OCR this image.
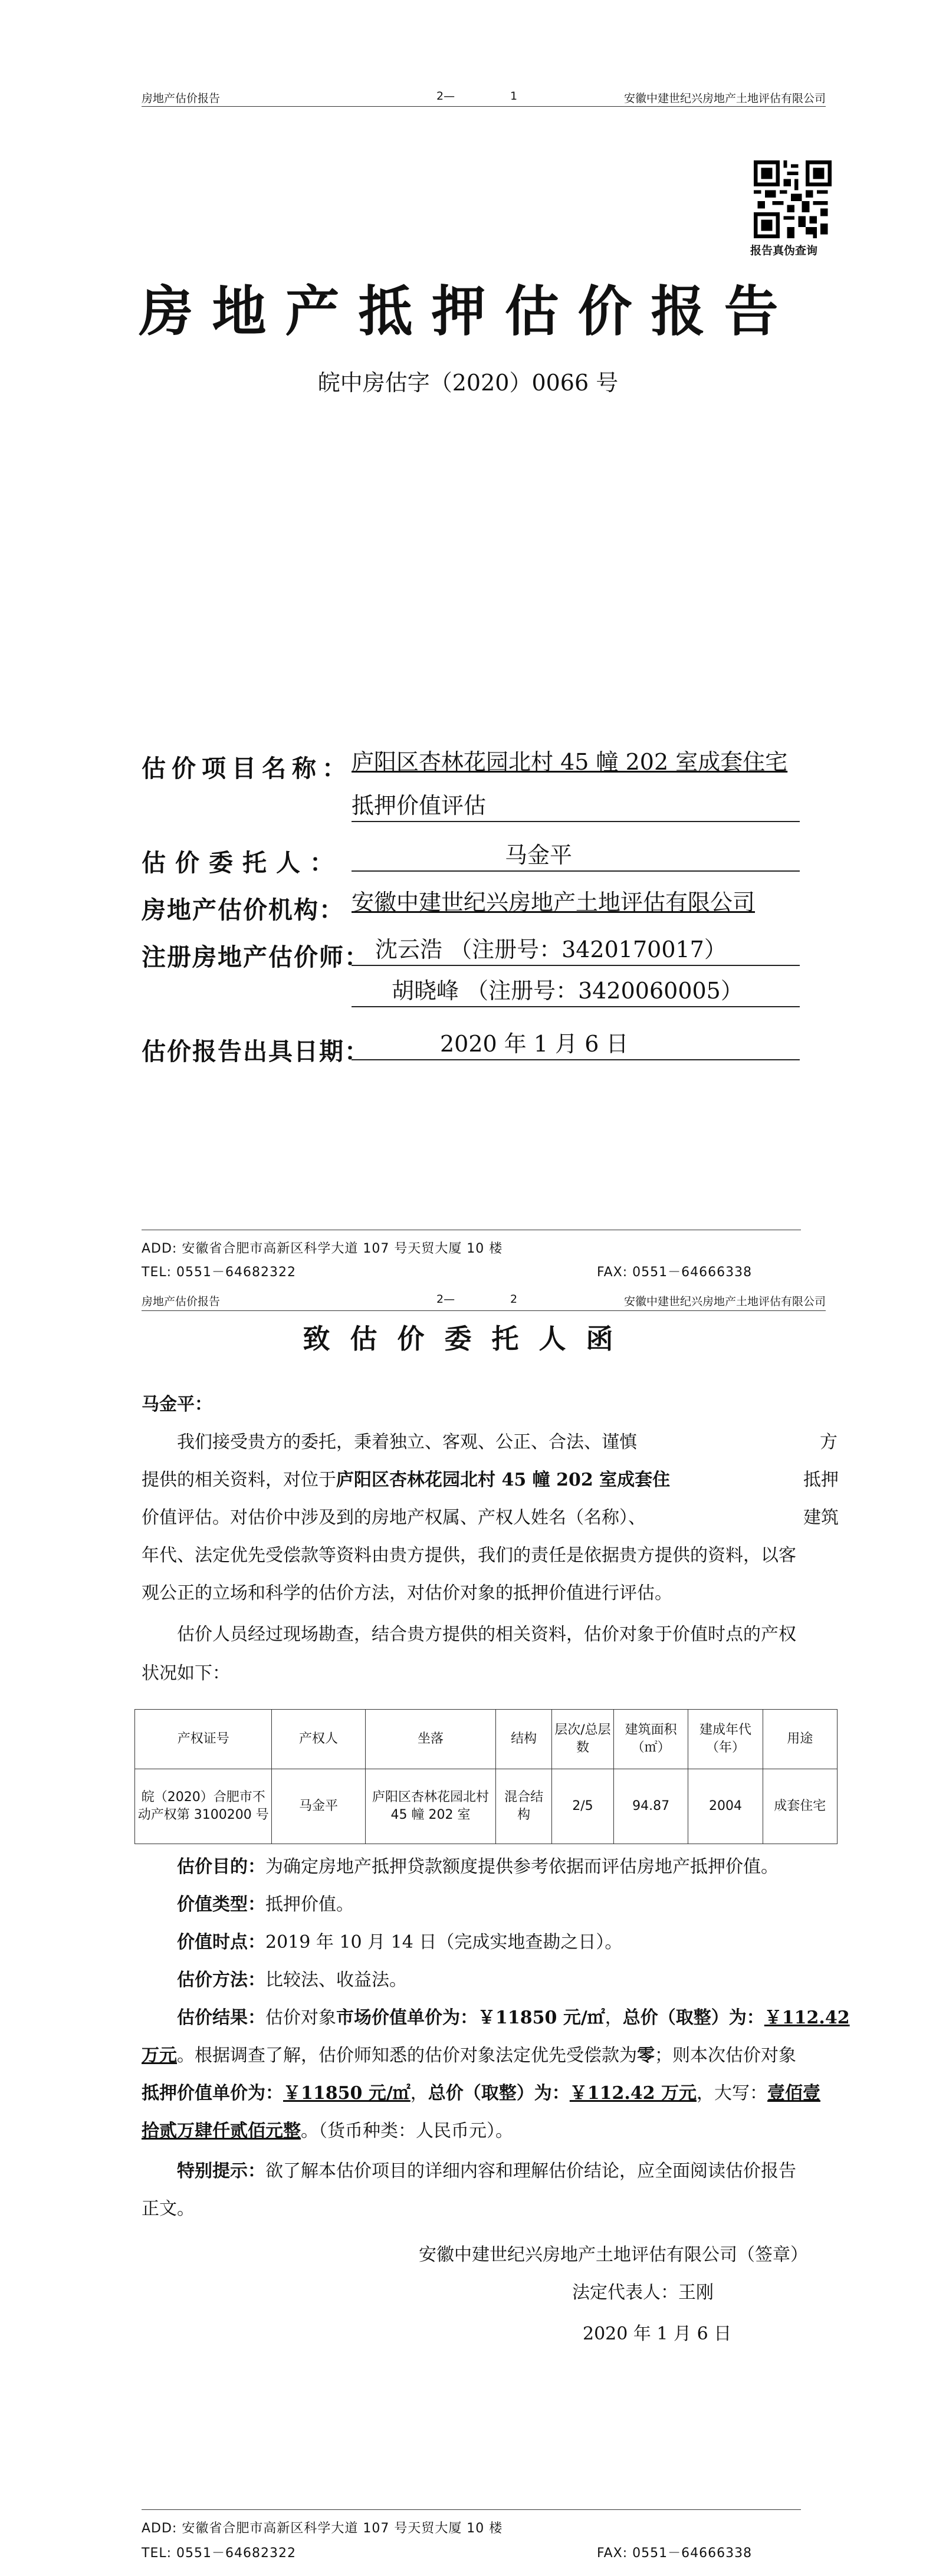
房地产估价报告	2—	1	安徽中建世纪兴房地产土地评估有限公司
报告真伪查询
房地产抵押估价报告
皖中房估字（2020）0066 号
估价项目名称： 庐阳区杏林花园北村 45 幢 202 室成套住宅
抵押价值评估
估价委托人：	马金平
房地产估价机构： 安徽中建世纪兴房地产土地评估有限公司
注册房地产估价师： 沈云浩 （注册号：3420170017）
胡晓峰 （注册号：3420060005）
估价报告出具日期：	2020 年 1 月 6 日
ADD: 安徽省合肥市高新区科学大道 107 号天贸大厦 10 楼
TEL: 0551－64682322	FAX: 0551－64666338
房地产估价报告	2—	2	安徽中建世纪兴房地产土地评估有限公司
致估价委托人函
马金平：
我们接受贵方的委托，秉着独立、客观、公正、合法、谨慎	方
提供的相关资料，对位于庐阳区杏林花园北村 45 幢 202 室成套住	抵押
价值评估。对估价中涉及到的房地产权属、产权人姓名（名称）、	建筑
年代、法定优先受偿款等资料由贵方提供，我们的责任是依据贵方提供的资料，以客
观公正的立场和科学的估价方法，对估价对象的抵押价值进行评估。
估价人员经过现场勘查，结合贵方提供的相关资料，估价对象于价值时点的产权
状况如下：
产权证号	产权人	坐落	结构	层次/总层数	建筑面积（㎡）	建成年代（年）	用途
皖（2020）合肥市不动产权第 3100200 号	马金平	庐阳区杏林花园北村 45 幢 202 室	混合结构	2/5	94.87	2004	成套住宅
估价目的：为确定房地产抵押贷款额度提供参考依据而评估房地产抵押价值。
价值类型：抵押价值。
价值时点：2019 年 10 月 14 日（完成实地查勘之日）。
估价方法：比较法、收益法。
估价结果：估价对象市场价值单价为：￥11850 元/㎡，总价（取整）为：￥112.42
万元。根据调查了解，估价师知悉的估价对象法定优先受偿款为零；则本次估价对象
抵押价值单价为：￥11850 元/㎡，总价（取整）为：￥112.42 万元，大写：壹佰壹
拾贰万肆仟贰佰元整。（货币种类：人民币元）。
特别提示：欲了解本估价项目的详细内容和理解估价结论，应全面阅读估价报告
正文。
安徽中建世纪兴房地产土地评估有限公司（签章）
法定代表人：王刚
2020 年 1 月 6 日
ADD: 安徽省合肥市高新区科学大道 107 号天贸大厦 10 楼
TEL: 0551－64682322	FAX: 0551－64666338
